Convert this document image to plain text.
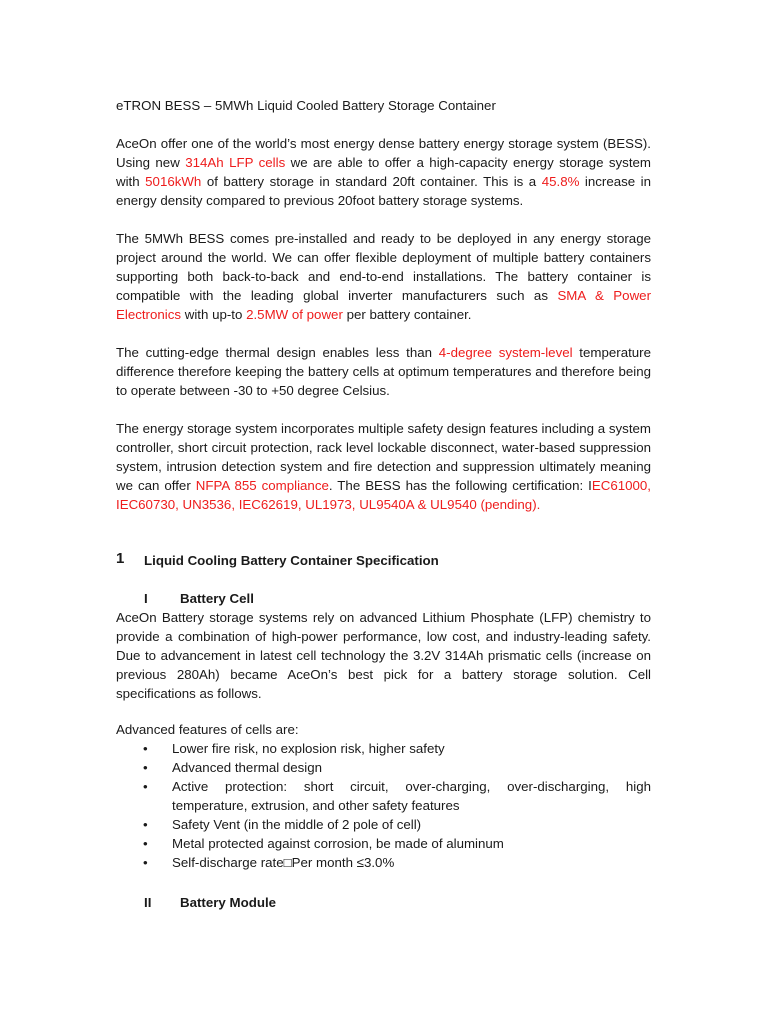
eTRON BESS – 5MWh Liquid Cooled Battery Storage Container

AceOn offer one of the world’s most energy dense battery energy storage system (BESS). Using new 314Ah LFP cells we are able to offer a high-capacity energy storage system with 5016kWh of battery storage in standard 20ft container. This is a 45.8% increase in energy density compared to previous 20foot battery storage systems.

The 5MWh BESS comes pre-installed and ready to be deployed in any energy storage project around the world. We can offer flexible deployment of multiple battery containers supporting both back-to-back and end-to-end installations. The battery container is compatible with the leading global inverter manufacturers such as SMA & Power Electronics with up-to 2.5MW of power per battery container.

The cutting-edge thermal design enables less than 4-degree system-level temperature difference therefore keeping the battery cells at optimum temperatures and therefore being to operate between -30 to +50 degree Celsius.

The energy storage system incorporates multiple safety design features including a system controller, short circuit protection, rack level lockable disconnect, water-based suppression system, intrusion detection system and fire detection and suppression ultimately meaning we can offer NFPA 855 compliance. The BESS has the following certification: IEC61000, IEC60730, UN3536, IEC62619, UL1973, UL9540A & UL9540 (pending).

1 Liquid Cooling Battery Container Specification
I Battery Cell

AceOn Battery storage systems rely on advanced Lithium Phosphate (LFP) chemistry to provide a combination of high-power performance, low cost, and industry-leading safety. Due to advancement in latest cell technology the 3.2V 314Ah prismatic cells (increase on previous 280Ah) became AceOn’s best pick for a battery storage solution. Cell specifications as follows.

Advanced features of cells are:

• Lower fire risk, no explosion risk, higher safety
• Advanced thermal design
• Active protection: short circuit, over-charging, over-discharging, high temperature, extrusion, and other safety features
• Safety Vent (in the middle of 2 pole of cell)
• Metal protected against corrosion, be made of aluminum
• Self-discharge rate□Per month ≤3.0%
II Battery Module
